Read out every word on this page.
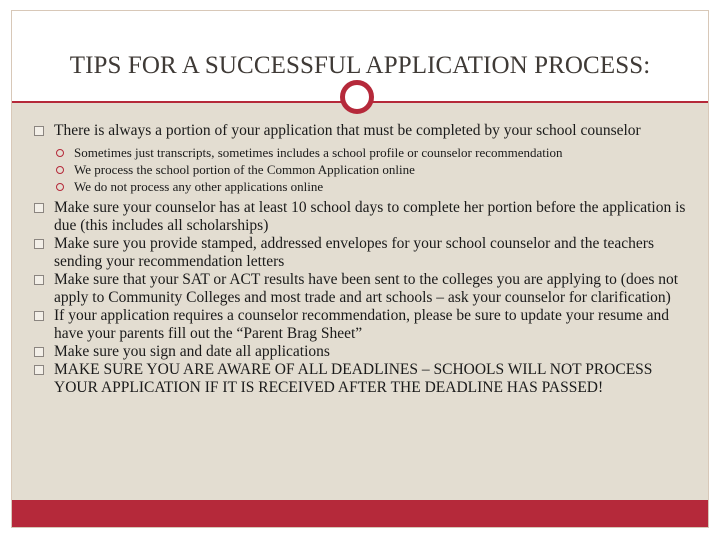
TIPS FOR A SUCCESSFUL APPLICATION PROCESS:
There is always a portion of your application that must be completed by your school counselor
Sometimes just transcripts, sometimes includes a school profile or counselor recommendation
We process the school portion of the Common Application online
We do not process any other applications online
Make sure your counselor has at least 10 school days to complete her portion before the application is due (this includes all scholarships)
Make sure you provide stamped, addressed envelopes for your school counselor and the teachers sending your recommendation letters
Make sure that your SAT or ACT results have been sent to the colleges you are applying to (does not apply to Community Colleges and most trade and art schools – ask your counselor for clarification)
If your application requires a counselor recommendation, please be sure to update your resume and have your parents fill out the “Parent Brag Sheet”
Make sure you sign and date all applications
MAKE SURE YOU ARE AWARE OF ALL DEADLINES – SCHOOLS WILL NOT PROCESS YOUR APPLICATION IF IT IS RECEIVED AFTER THE DEADLINE HAS PASSED!
